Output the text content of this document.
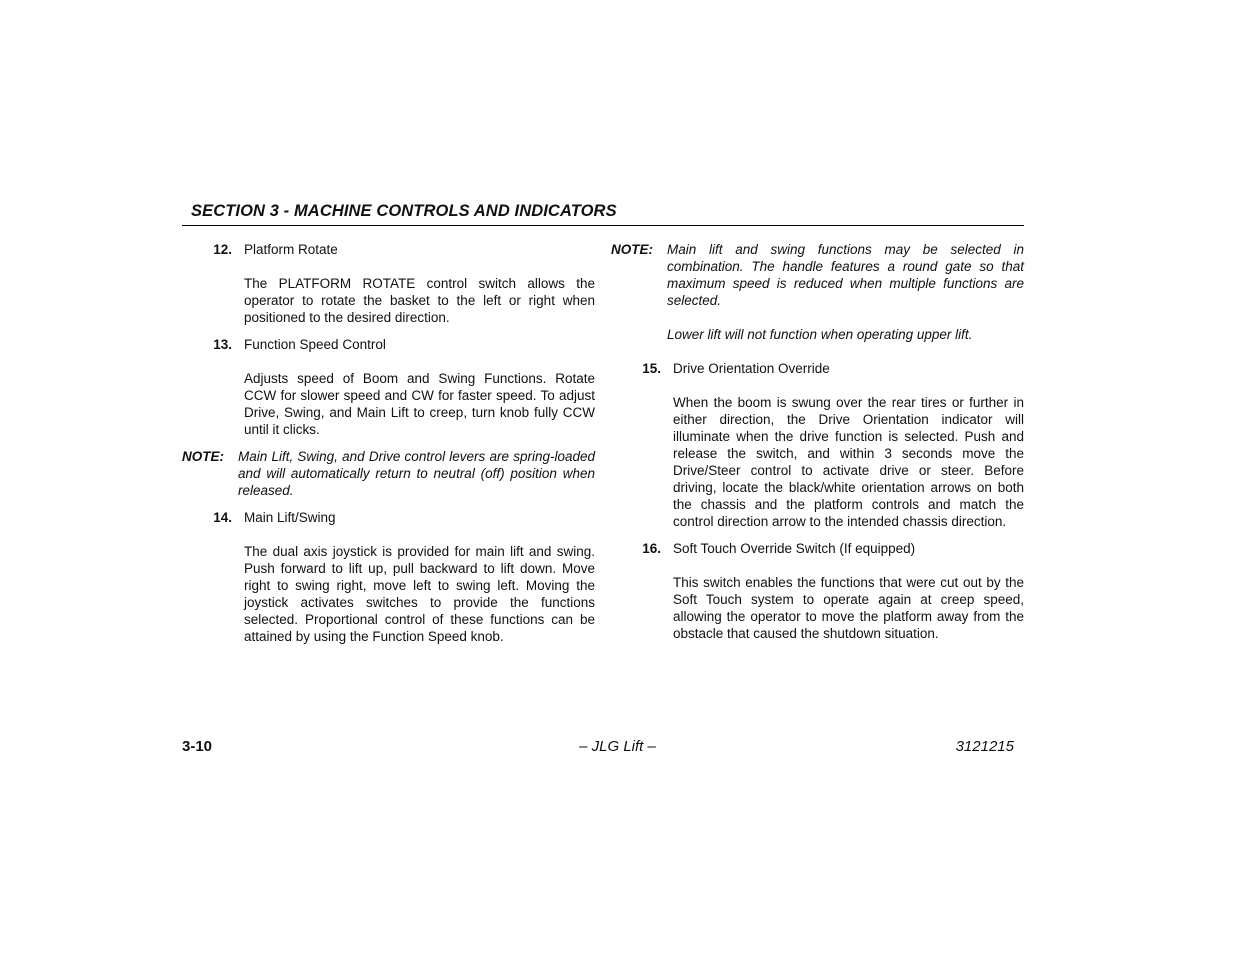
SECTION 3 - MACHINE CONTROLS AND INDICATORS
12. Platform Rotate
The PLATFORM ROTATE control switch allows the operator to rotate the basket to the left or right when positioned to the desired direction.
13. Function Speed Control
Adjusts speed of Boom and Swing Functions. Rotate CCW for slower speed and CW for faster speed. To adjust Drive, Swing, and Main Lift to creep, turn knob fully CCW until it clicks.
NOTE:	Main Lift, Swing, and Drive control levers are spring-loaded and will automatically return to neutral (off) position when released.

14. Main Lift/Swing
The dual axis joystick is provided for main lift and swing. Push forward to lift up, pull backward to lift down. Move right to swing right, move left to swing left. Moving the joystick activates switches to provide the functions selected. Proportional control of these functions can be attained by using the Function Speed knob.
NOTE:	Main lift and swing functions may be selected in combination. The handle features a round gate so that maximum speed is reduced when multiple functions are selected.

Lower lift will not function when operating upper lift.

15. Drive Orientation Override
When the boom is swung over the rear tires or further in either direction, the Drive Orientation indicator will illuminate when the drive function is selected. Push and release the switch, and within 3 seconds move the Drive/Steer control to activate drive or steer. Before driving, locate the black/white orientation arrows on both the chassis and the platform controls and match the control direction arrow to the intended chassis direction.
16. Soft Touch Override Switch (If equipped)
This switch enables the functions that were cut out by the Soft Touch system to operate again at creep speed, allowing the operator to move the platform away from the obstacle that caused the shutdown situation.
3-10	– JLG Lift –	3121215
